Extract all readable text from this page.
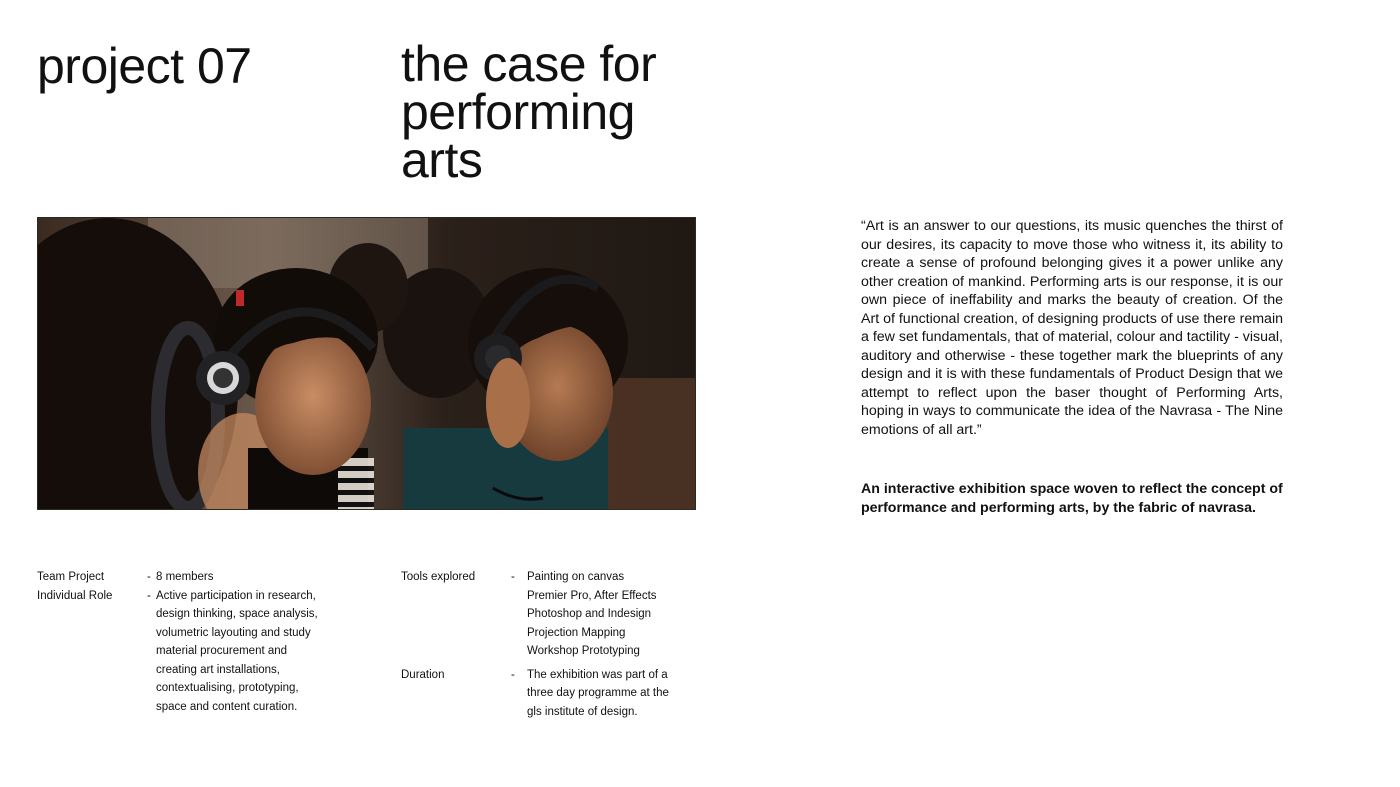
project 07	the case for
performing
arts

“Art is an answer to our questions, its music quenches the thirst of our desires, its capacity to move those who witness it, its ability to create a sense of profound belonging gives it a power unlike any other creation of mankind. Performing arts is our response, it is our own piece of ineffability and marks the beauty of creation. Of the Art of functional creation, of designing products of use there remain a few set fundamentals, that of material, colour and tactility - visual, auditory and otherwise - these together mark the blueprints of any design and it is with these fundamentals of Product Design that we attempt to reflect upon the baser thought of Performing Arts, hoping in ways to communicate the idea of the Navrasa - The Nine emotions of all art.”

An interactive exhibition space woven to reflect the concept of performance and performing arts, by the fabric of navrasa.

Team Project	- 8 members
Individual Role	- Active participation in research,
design thinking, space analysis,
volumetric layouting and study
material procurement and
creating art installations,
contextualising, prototyping,
space and content curation.
Tools explored	- Painting on canvas
Premier Pro, After Effects
Photoshop and Indesign
Projection Mapping
Workshop Prototyping
Duration	- The exhibition was part of a
three day programme at the
gls institute of design.
